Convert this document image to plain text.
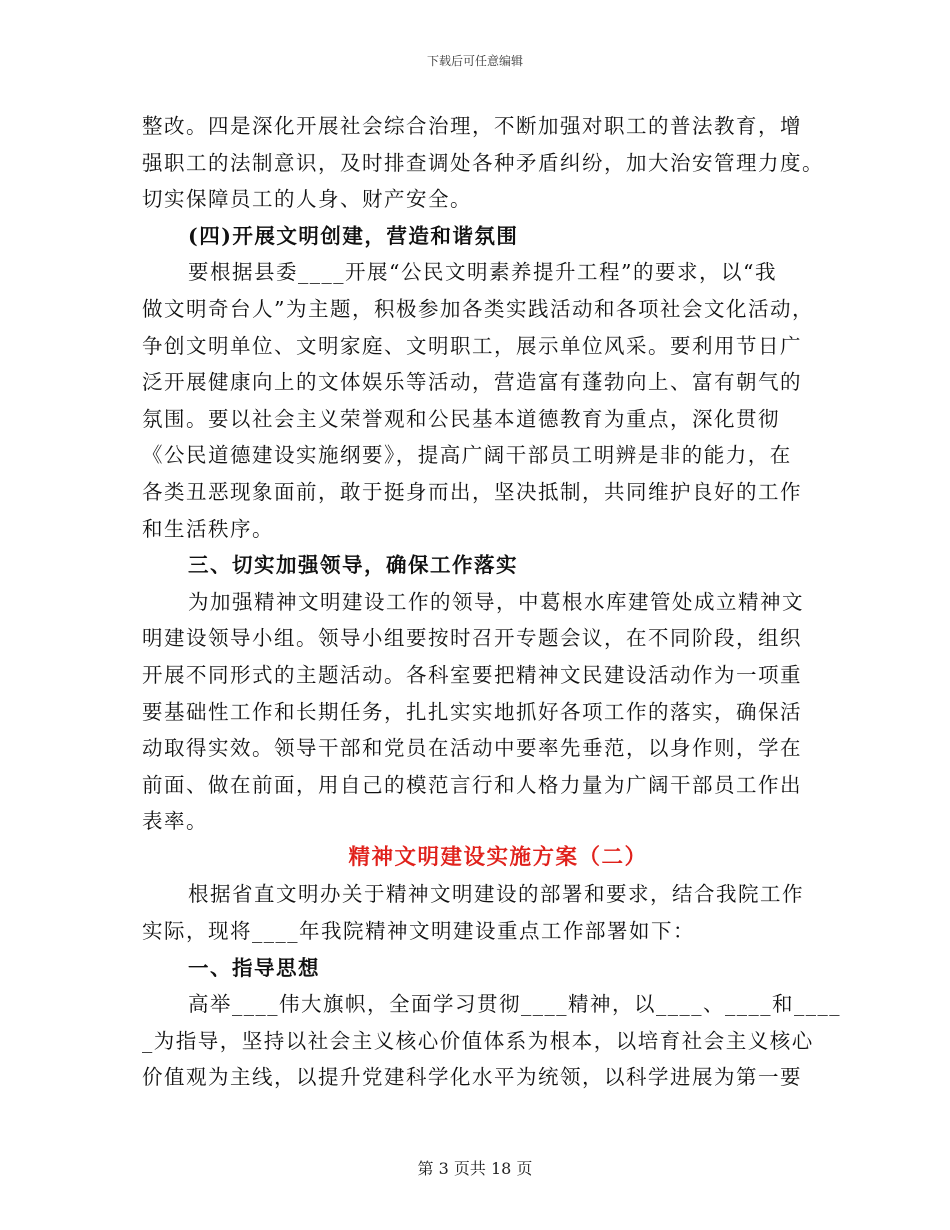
下载后可任意编辑
整改。四是深化开展社会综合治理，不断加强对职工的普法教育，增
强职工的法制意识，及时排查调处各种矛盾纠纷，加大治安管理力度。
切实保障员工的人身、财产安全。
(四)开展文明创建，营造和谐氛围
要根据县委____开展“公民文明素养提升工程”的要求，以“我
做文明奇台人”为主题，积极参加各类实践活动和各项社会文化活动，
争创文明单位、文明家庭、文明职工，展示单位风采。要利用节日广
泛开展健康向上的文体娱乐等活动，营造富有蓬勃向上、富有朝气的
氛围。要以社会主义荣誉观和公民基本道德教育为重点，深化贯彻
《公民道德建设实施纲要》，提高广阔干部员工明辨是非的能力，在
各类丑恶现象面前，敢于挺身而出，坚决抵制，共同维护良好的工作
和生活秩序。
三、切实加强领导，确保工作落实
为加强精神文明建设工作的领导，中葛根水库建管处成立精神文
明建设领导小组。领导小组要按时召开专题会议，在不同阶段，组织
开展不同形式的主题活动。各科室要把精神文民建设活动作为一项重
要基础性工作和长期任务，扎扎实实地抓好各项工作的落实，确保活
动取得实效。领导干部和党员在活动中要率先垂范，以身作则，学在
前面、做在前面，用自己的模范言行和人格力量为广阔干部员工作出
表率。
精神文明建设实施方案（二）
根据省直文明办关于精神文明建设的部署和要求，结合我院工作
实际，现将____年我院精神文明建设重点工作部署如下：
一、指导思想
高举____伟大旗帜，全面学习贯彻____精神，以____、____和____
_为指导，坚持以社会主义核心价值体系为根本，以培育社会主义核心
价值观为主线，以提升党建科学化水平为统领，以科学进展为第一要
第 3 页共 18 页
